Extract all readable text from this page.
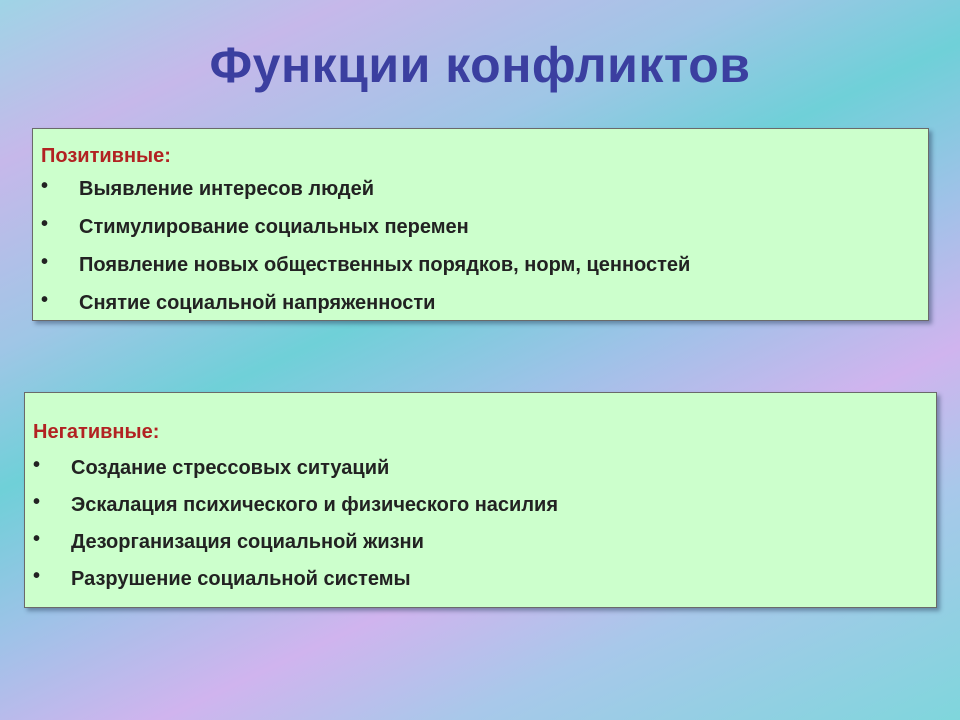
Функции конфликтов
Позитивные:
• Выявление интересов людей
• Стимулирование социальных перемен
• Появление новых общественных порядков, норм, ценностей
• Снятие социальной напряженности
Негативные:
• Создание стрессовых ситуаций
• Эскалация психического и физического насилия
• Дезорганизация социальной жизни
• Разрушение социальной системы
